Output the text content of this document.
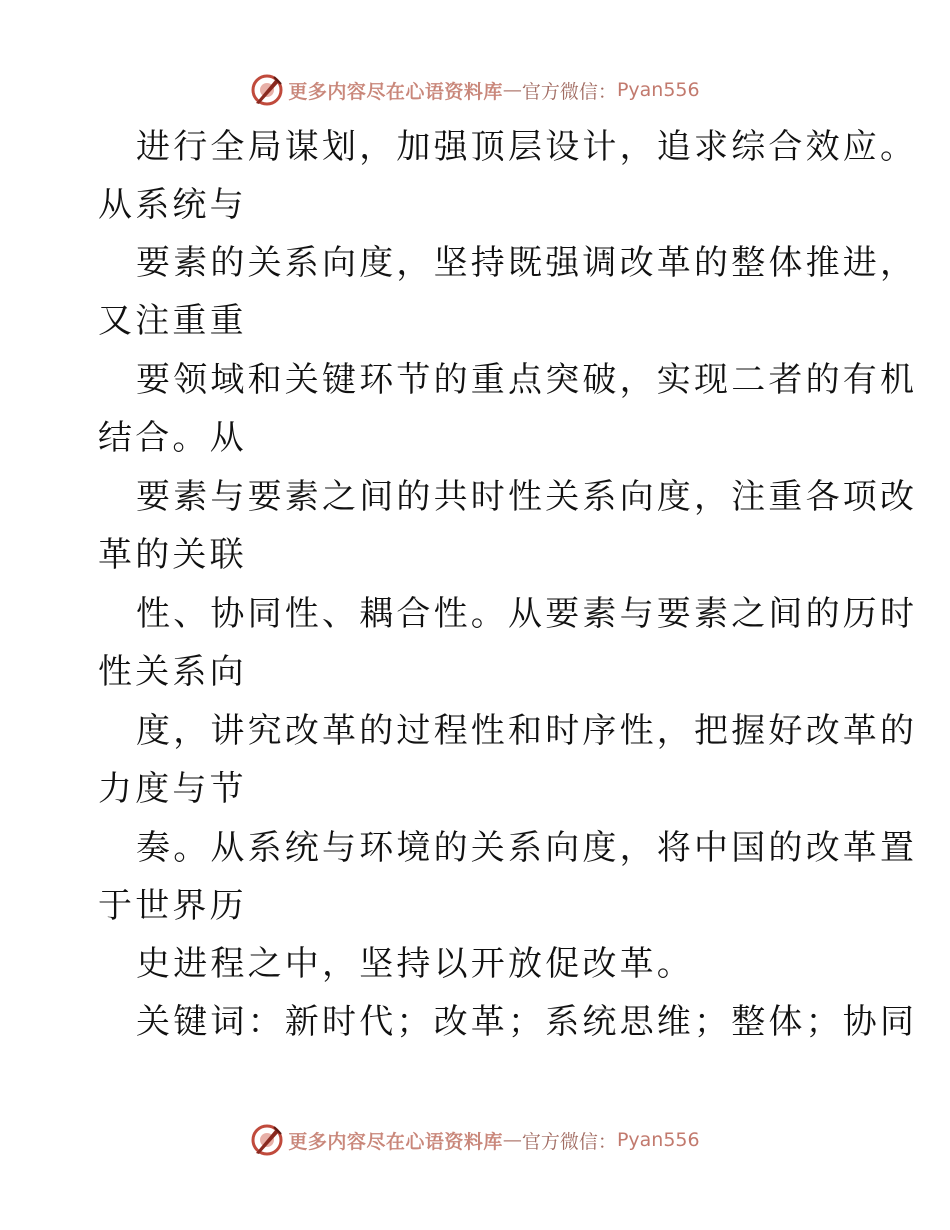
更多内容尽在心语资料库 — 官方微信： Pyan556
进行全局谋划，加强顶层设计，追求综合效应。
从系统与
要素的关系向度，坚持既强调改革的整体推进，
又注重重
要领域和关键环节的重点突破，实现二者的有机
结合。从
要素与要素之间的共时性关系向度，注重各项改
革的关联
性、协同性、耦合性。从要素与要素之间的历时
性关系向
度，讲究改革的过程性和时序性，把握好改革的
力度与节
奏。从系统与环境的关系向度，将中国的改革置
于世界历
史进程之中，坚持以开放促改革。
关键词：新时代；改革；系统思维；整体；协同
更多内容尽在心语资料库 — 官方微信： Pyan556
